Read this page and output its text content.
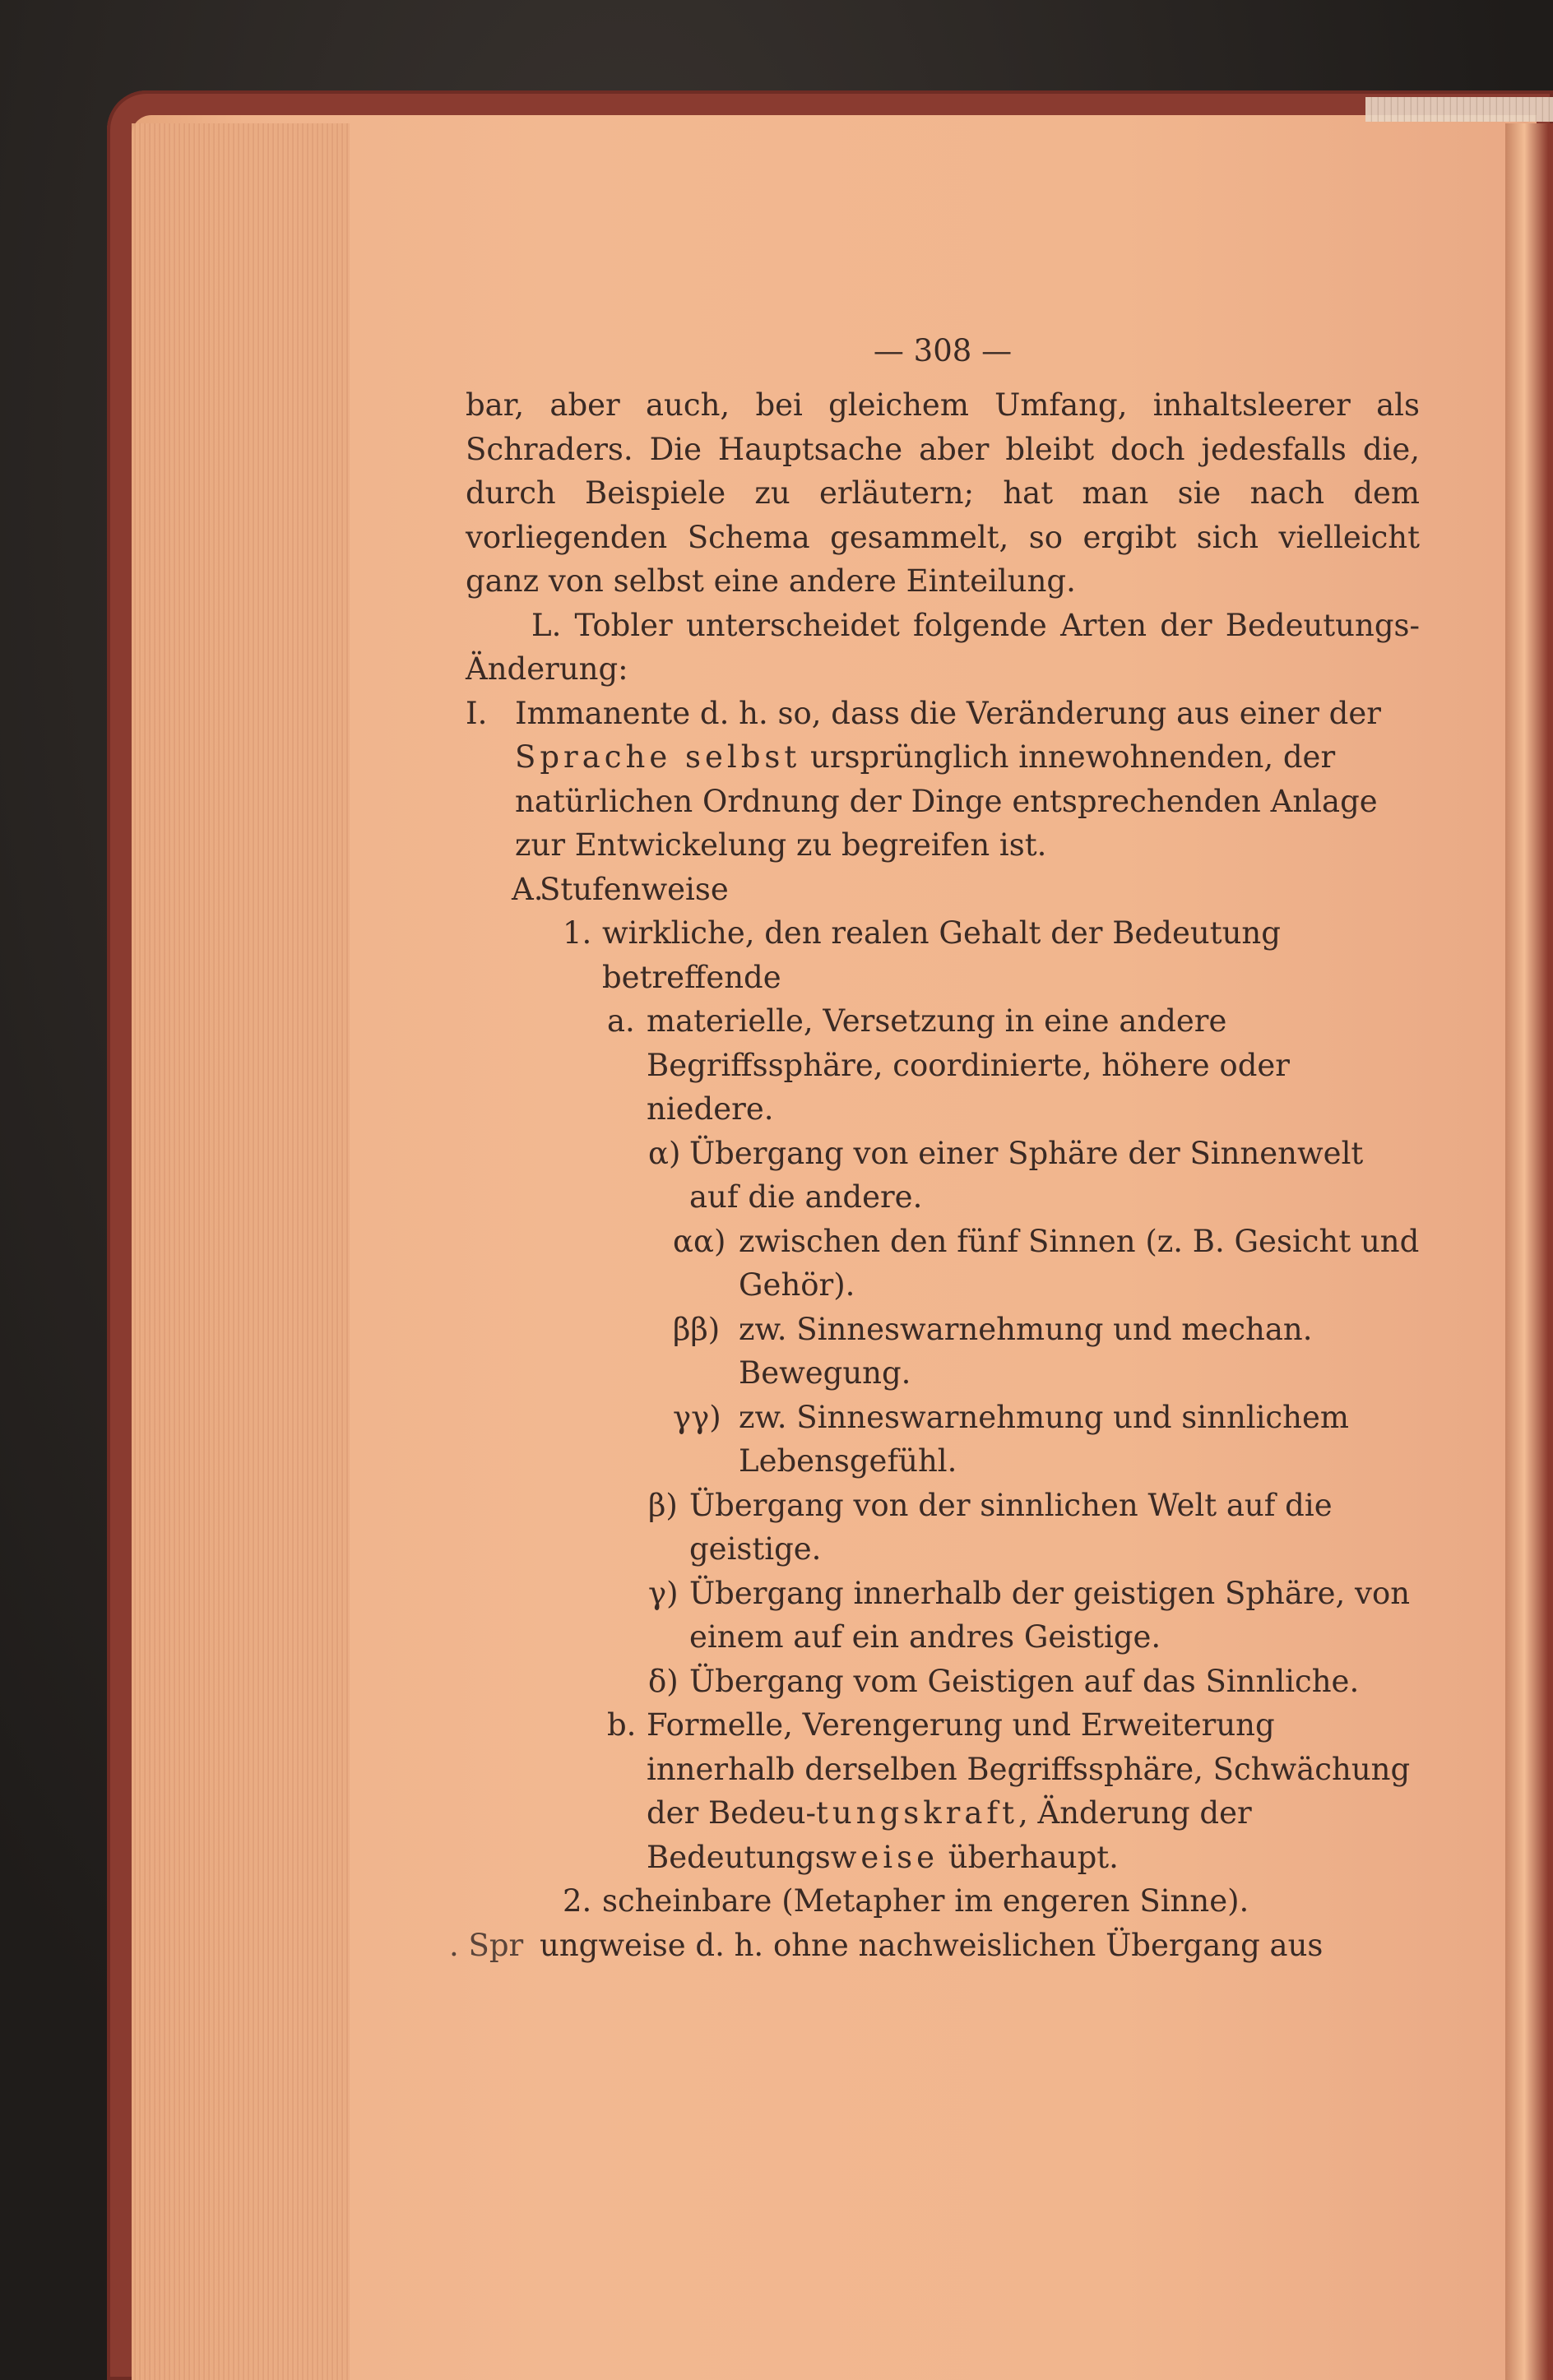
— 308 —

bar, aber auch, bei gleichem Umfang, inhaltsleerer als Schraders. Die Hauptsache aber bleibt doch jedesfalls die, durch Beispiele zu erläutern; hat man sie nach dem vorliegenden Schema gesammelt, so ergibt sich vielleicht ganz von selbst eine andere Einteilung.

L. Tobler unterscheidet folgende Arten der Bedeutungs-Änderung:

I. Immanente d. h. so, dass die Veränderung aus einer der Sprache selbst ursprünglich innewohnenden, der natürlichen Ordnung der Dinge entsprechenden Anlage zur Entwickelung zu begreifen ist.
A.
Stufenweise
1. wirkliche, den realen Gehalt der Bedeutung betreffende
a. materielle, Versetzung in eine andere Begriffssphäre, coordinierte, höhere oder niedere.
α) Übergang von einer Sphäre der Sinnenwelt auf die andere.
αα) zwischen den fünf Sinnen (z. B. Gesicht und Gehör).
ββ) zw. Sinneswarnehmung und mechan. Bewegung.
γγ) zw. Sinneswarnehmung und sinnlichem Lebensgefühl.
β) Übergang von der sinnlichen Welt auf die geistige.
γ) Übergang innerhalb der geistigen Sphäre, von einem auf ein andres Geistige.
δ) Übergang vom Geistigen auf das Sinnliche.
b. Formelle, Verengerung und Erweiterung innerhalb derselben Begriffssphäre, Schwächung der Bedeu-tungskraft, Änderung der Bedeutungsweise überhaupt.
2. scheinbare (Metapher im engeren Sinne).
. Spr ungweise d. h. ohne nachweislichen Übergang aus
